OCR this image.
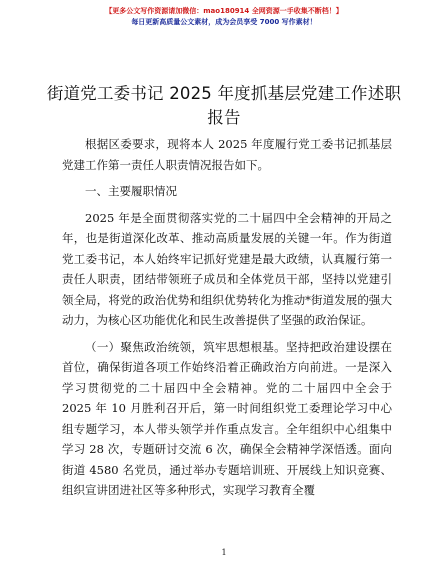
【更多公文写作资源请加微信：mao180914 全网资源一手收集不断档！】
每日更新高质量公文素材，成为会员享受 7000 写作素材！
街道党工委书记 2025 年度抓基层党建工作述职报告

根据区委要求，现将本人 2025 年度履行党工委书记抓基层党建工作第一责任人职责情况报告如下。

一、主要履职情况

2025 年是全面贯彻落实党的二十届四中全会精神的开局之年，也是街道深化改革、推动高质量发展的关键一年。作为街道党工委书记，本人始终牢记抓好党建是最大政绩，认真履行第一责任人职责，团结带领班子成员和全体党员干部，坚持以党建引领全局，将党的政治优势和组织优势转化为推动*街道发展的强大动力，为核心区功能优化和民生改善提供了坚强的政治保证。

（一）聚焦政治统领，筑牢思想根基。坚持把政治建设摆在首位，确保街道各项工作始终沿着正确政治方向前进。一是深入学习贯彻党的二十届四中全会精神。党的二十届四中全会于 2025 年 10 月胜利召开后，第一时间组织党工委理论学习中心组专题学习，本人带头领学并作重点发言。全年组织中心组集中学习 28 次，专题研讨交流 6 次，确保全会精神学深悟透。面向街道 4580 名党员，通过举办专题培训班、开展线上知识竞赛、组织宣讲团进社区等多种形式，实现学习教育全覆

1
